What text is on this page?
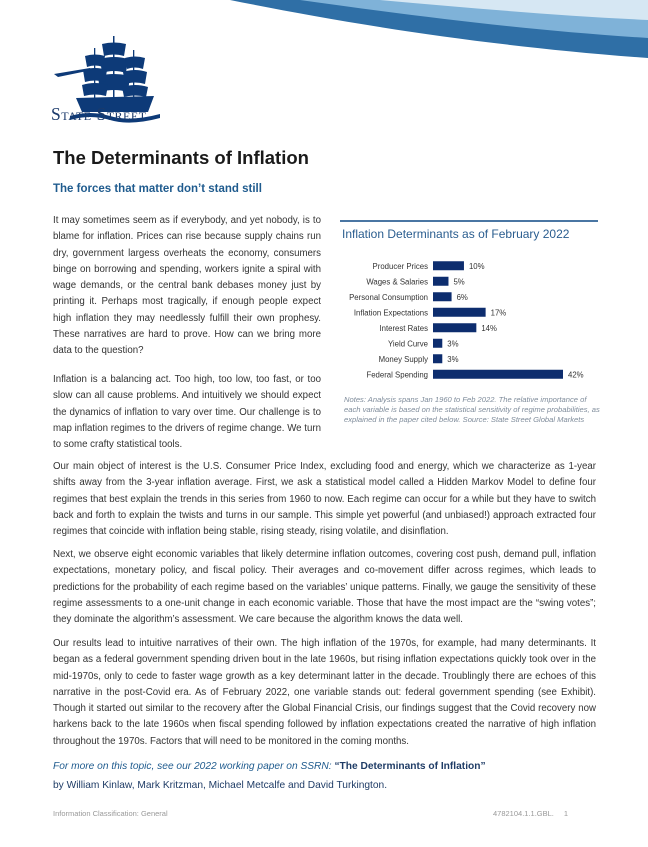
State Street
The Determinants of Inflation
The forces that matter don’t stand still

It may sometimes seem as if everybody, and yet nobody, is to blame for inflation. Prices can rise because supply chains run dry, government largess overheats the economy, consumers binge on borrowing and spending, workers ignite a spiral with wage demands, or the central bank debases money just by printing it. Perhaps most tragically, if enough people expect high inflation they may needlessly fulfill their own prophesy. These narratives are hard to prove. How can we bring more data to the question?

Inflation is a balancing act. Too high, too low, too fast, or too slow can all cause problems. And intuitively we should expect the dynamics of inflation to vary over time. Our challenge is to map inflation regimes to the drivers of regime change. We turn to some crafty statistical tools.

Inflation Determinants as of February 2022
Producer Prices	10%
Wages & Salaries	5%
Personal Consumption	6%
Inflation Expectations	17%
Interest Rates	14%
Yield Curve 3%
Money Supply 3%
Federal Spending	42%

Notes: Analysis spans Jan 1960 to Feb 2022. The relative importance of each variable is based on the statistical sensitivity of regime probabilities, as explained in the paper cited below. Source: State Street Global Markets

Our main object of interest is the U.S. Consumer Price Index, excluding food and energy, which we characterize as 1-year shifts away from the 3-year inflation average. First, we ask a statistical model called a Hidden Markov Model to define four regimes that best explain the trends in this series from 1960 to now. Each regime can occur for a while but they have to switch back and forth to explain the twists and turns in our sample. This simple yet powerful (and unbiased!) approach extracted four regimes that coincide with inflation being stable, rising steady, rising volatile, and disinflation.

Next, we observe eight economic variables that likely determine inflation outcomes, covering cost push, demand pull, inflation expectations, monetary policy, and fiscal policy. Their averages and co-movement differ across regimes, which leads to predictions for the probability of each regime based on the variables’ unique patterns. Finally, we gauge the sensitivity of these regime assessments to a one-unit change in each economic variable. Those that have the most impact are the “swing votes”; they dominate the algorithm’s assessment. We care because the algorithm knows the data well.

Our results lead to intuitive narratives of their own. The high inflation of the 1970s, for example, had many determinants. It began as a federal government spending driven bout in the late 1960s, but rising inflation expectations quickly took over in the mid-1970s, only to cede to faster wage growth as a key determinant latter in the decade. Troublingly there are echoes of this narrative in the post-Covid era. As of February 2022, one variable stands out: federal government spending (see Exhibit). Though it started out similar to the recovery after the Global Financial Crisis, our findings suggest that the Covid recovery now harkens back to the late 1960s when fiscal spending followed by inflation expectations created the narrative of high inflation throughout the 1970s. Factors that will need to be monitored in the coming months.

For more on this topic, see our 2022 working paper on SSRN: “The Determinants of Inflation”

by William Kinlaw, Mark Kritzman, Michael Metcalfe and David Turkington.

Information Classification: General	4782104.1.1.GBL. 1
